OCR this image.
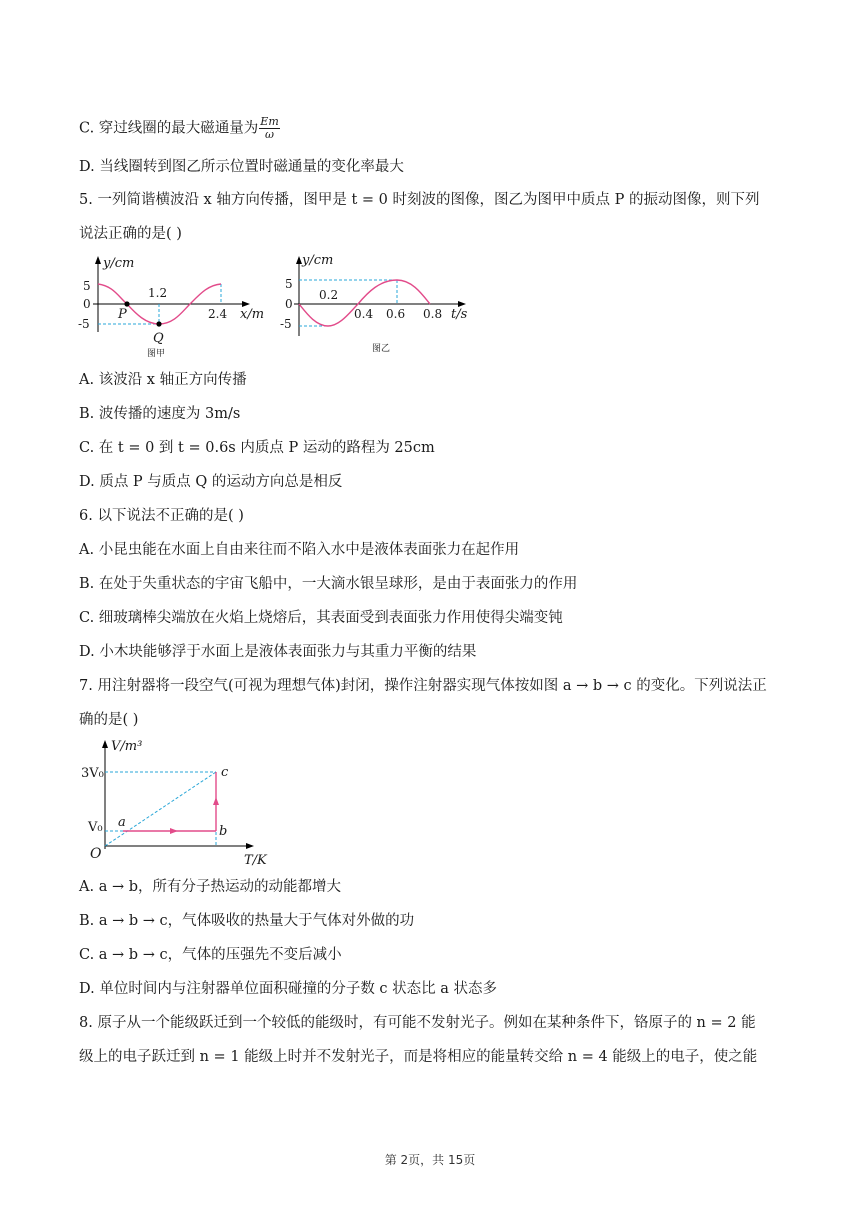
C. 穿过线圈的最大磁通量为 $\frac{Em}{\omega}$
D. 当线圈转到图乙所示位置时磁通量的变化率最大
5. 一列简谐横波沿 x 轴方向传播，图甲是 t = 0 时刻波的图像，图乙为图甲中质点 P 的振动图像，则下列
说法正确的是( )
y/cm
5
0
-5
P
Q
1.2
2.4 x/m
图甲
y/cm
5
0
-5
0.2
0.4 0.6 0.8 t/s
图乙
A. 该波沿 x 轴正方向传播
B. 波传播的速度为 3m/s
C. 在 t = 0 到 t = 0.6s 内质点 P 运动的路程为 25cm
D. 质点 P 与质点 Q 的运动方向总是相反
6. 以下说法不正确的是( )
A. 小昆虫能在水面上自由来往而不陷入水中是液体表面张力在起作用
B. 在处于失重状态的宇宙飞船中，一大滴水银呈球形，是由于表面张力的作用
C. 细玻璃棒尖端放在火焰上烧熔后，其表面受到表面张力作用使得尖端变钝
D. 小木块能够浮于水面上是液体表面张力与其重力平衡的结果
7. 用注射器将一段空气(可视为理想气体)封闭，操作注射器实现气体按如图 a → b → c 的变化。下列说法正
确的是( )
V/m³
3V₀
V₀
O
a
b
c
T/K
A. a → b，所有分子热运动的动能都增大
B. a → b → c，气体吸收的热量大于气体对外做的功
C. a → b → c，气体的压强先不变后减小
D. 单位时间内与注射器单位面积碰撞的分子数 c 状态比 a 状态多
8. 原子从一个能级跃迁到一个较低的能级时，有可能不发射光子。例如在某种条件下，铬原子的 n = 2 能
级上的电子跃迁到 n = 1 能级上时并不发射光子，而是将相应的能量转交给 n = 4 能级上的电子，使之能
第 2页，共 15页
